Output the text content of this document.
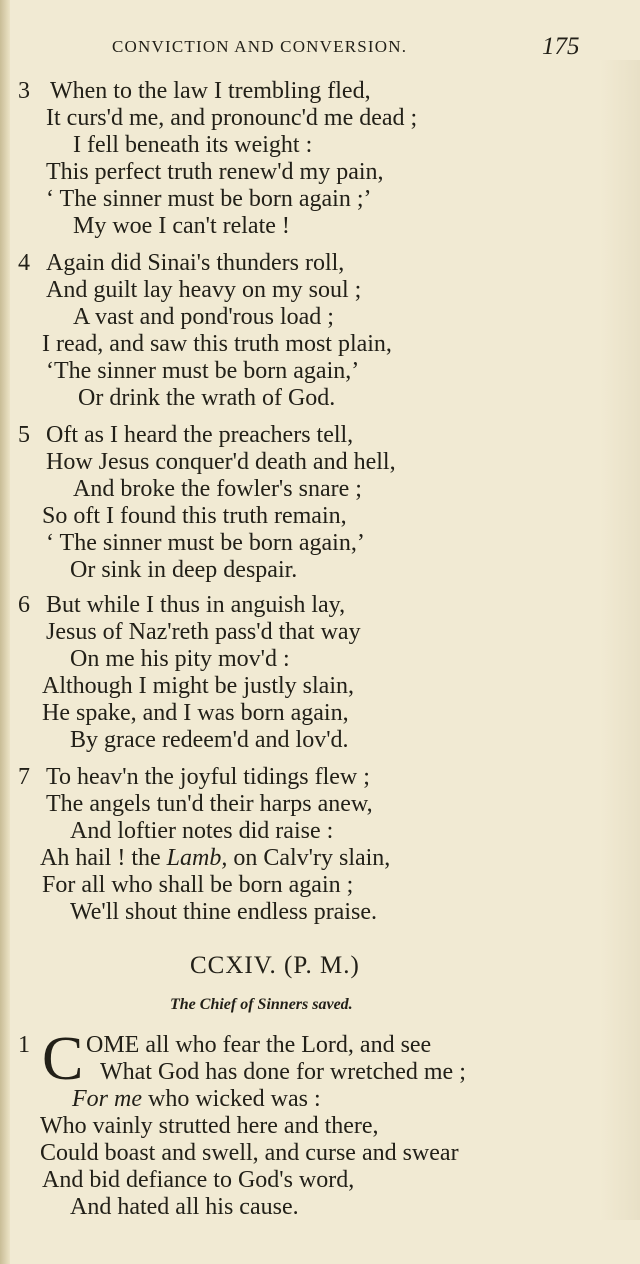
CONVICTION AND CONVERSION.	175
3 When to the law I trembling fled,
It curs'd me, and pronounc'd me dead ;
I fell beneath its weight :
This perfect truth renew'd my pain,
‘ The sinner must be born again ;’
My woe I can't relate !
4 Again did Sinai's thunders roll,
And guilt lay heavy on my soul ;
A vast and pond'rous load ;
I read, and saw this truth most plain,
‘The sinner must be born again,’
Or drink the wrath of God.
5 Oft as I heard the preachers tell,
How Jesus conquer'd death and hell,
And broke the fowler's snare ;
So oft I found this truth remain,
‘ The sinner must be born again,’
Or sink in deep despair.
6 But while I thus in anguish lay,
Jesus of Naz'reth pass'd that way
On me his pity mov'd :
Although I might be justly slain,
He spake, and I was born again,
By grace redeem'd and lov'd.
7 To heav'n the joyful tidings flew ;
The angels tun'd their harps anew,
And loftier notes did raise :
Ah hail ! the Lamb, on Calv'ry slain,
For all who shall be born again ;
We'll shout thine endless praise.
CCXIV. (P. M.)
The Chief of Sinners saved.
1 C OME all who fear the Lord, and see
What God has done for wretched me ;
For me who wicked was :
Who vainly strutted here and there,
Could boast and swell, and curse and swear
And bid defiance to God's word,
And hated all his cause.
